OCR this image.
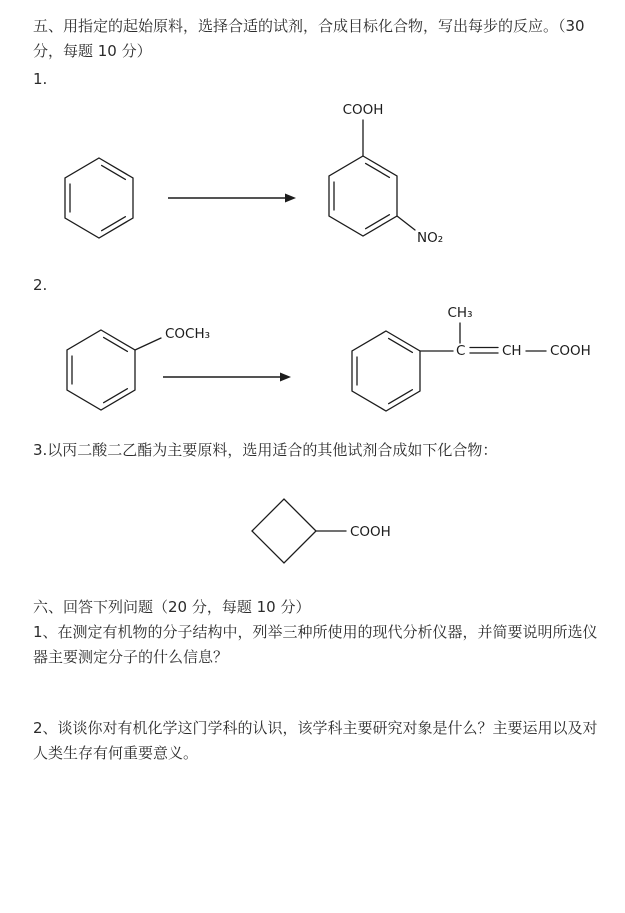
五、用指定的起始原料，选择合适的试剂，合成目标化合物，写出每步的反应。（30 分，每题 10 分）

1.

COOH
NO₂

2.

COCH₃
CH₃
C	CH COOH

3.以丙二酸二乙酯为主要原料，选用适合的其他试剂合成如下化合物：

COOH

六、回答下列问题（20 分，每题 10 分）

1、在测定有机物的分子结构中，列举三种所使用的现代分析仪器，并简要说明所选仪器主要测定分子的什么信息？

2、谈谈你对有机化学这门学科的认识，该学科主要研究对象是什么？主要运用以及对人类生存有何重要意义。
